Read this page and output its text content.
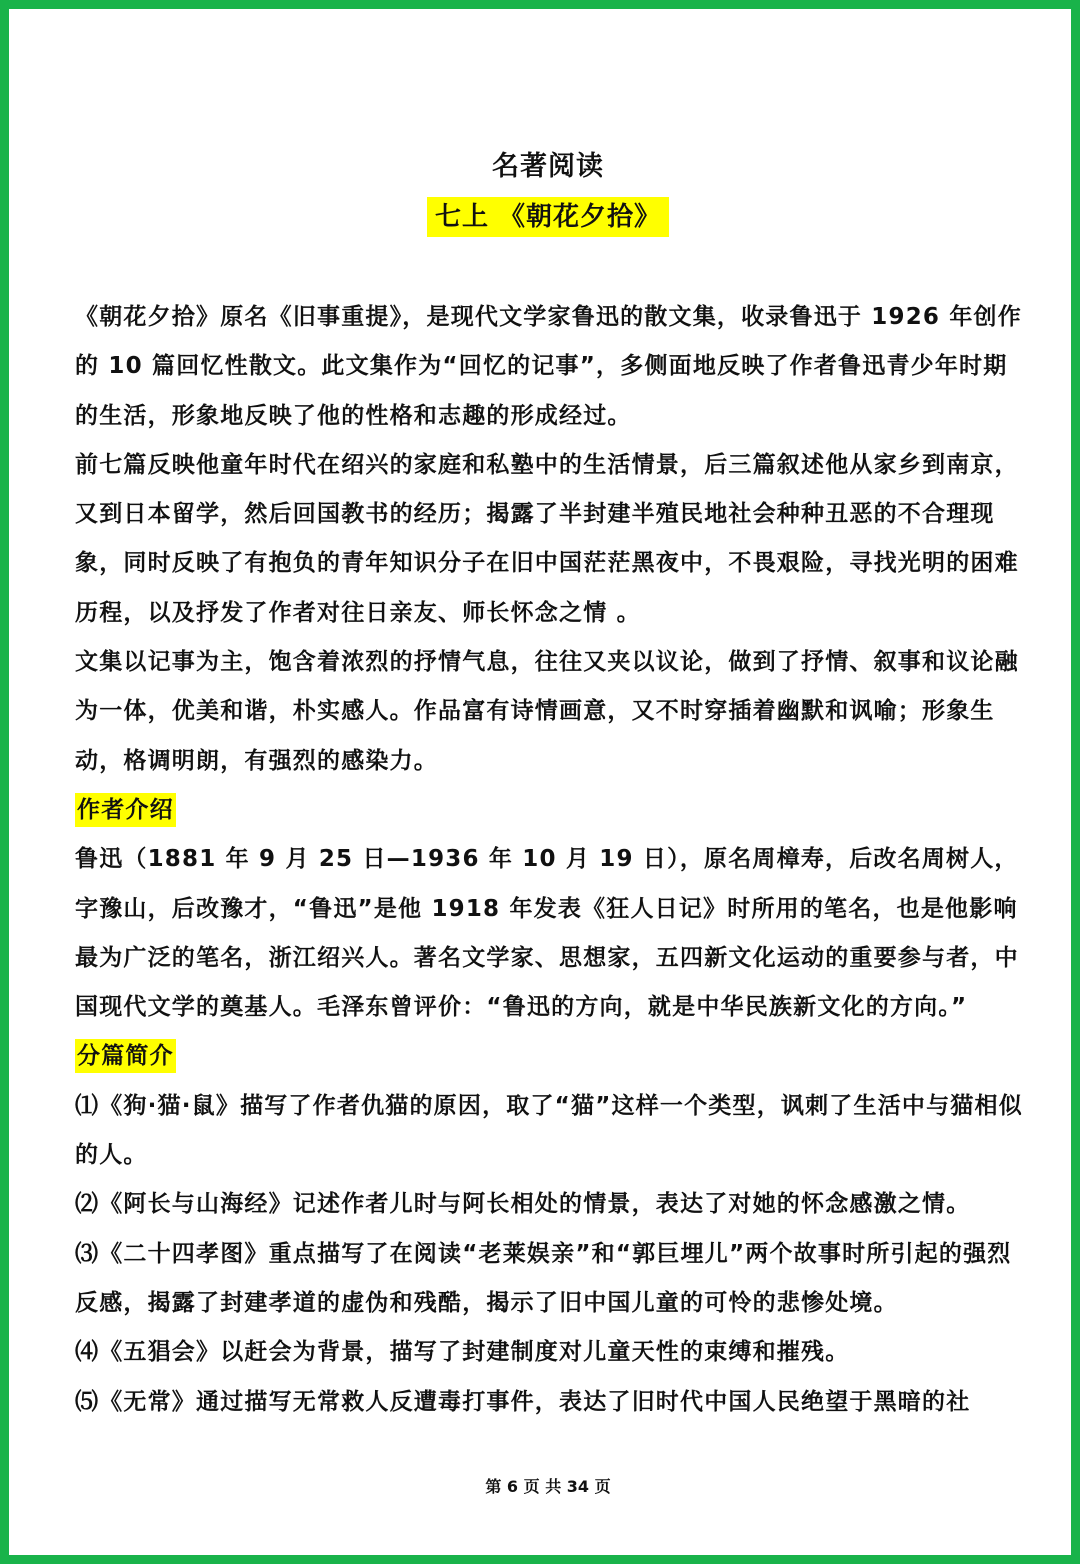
名著阅读
七上 《朝花夕拾》

《朝花夕拾》原名《旧事重提》，是现代文学家鲁迅的散文集，收录鲁迅于 1926 年创作的 10 篇回忆性散文。此文集作为“回忆的记事”，多侧面地反映了作者鲁迅青少年时期的生活，形象地反映了他的性格和志趣的形成经过。

前七篇反映他童年时代在绍兴的家庭和私塾中的生活情景，后三篇叙述他从家乡到南京，又到日本留学，然后回国教书的经历；揭露了半封建半殖民地社会种种丑恶的不合理现象，同时反映了有抱负的青年知识分子在旧中国茫茫黑夜中，不畏艰险，寻找光明的困难历程，以及抒发了作者对往日亲友、师长怀念之情 。

文集以记事为主，饱含着浓烈的抒情气息，往往又夹以议论，做到了抒情、叙事和议论融为一体，优美和谐，朴实感人。作品富有诗情画意，又不时穿插着幽默和讽喻；形象生动，格调明朗，有强烈的感染力。

作者介绍

鲁迅（1881 年 9 月 25 日—1936 年 10 月 19 日），原名周樟寿，后改名周树人，字豫山，后改豫才，“鲁迅”是他 1918 年发表《狂人日记》时所用的笔名，也是他影响最为广泛的笔名，浙江绍兴人。著名文学家、思想家，五四新文化运动的重要参与者，中国现代文学的奠基人。毛泽东曾评价：“鲁迅的方向，就是中华民族新文化的方向。”

分篇简介

⑴《狗·猫·鼠》描写了作者仇猫的原因，取了“猫”这样一个类型，讽刺了生活中与猫相似的人。

⑵《阿长与山海经》记述作者儿时与阿长相处的情景，表达了对她的怀念感激之情。

⑶《二十四孝图》重点描写了在阅读“老莱娱亲”和“郭巨埋儿”两个故事时所引起的强烈反感，揭露了封建孝道的虚伪和残酷，揭示了旧中国儿童的可怜的悲惨处境。

⑷《五猖会》以赶会为背景，描写了封建制度对儿童天性的束缚和摧残。

⑸《无常》通过描写无常救人反遭毒打事件，表达了旧时代中国人民绝望于黑暗的社

第 6 页 共 34 页
